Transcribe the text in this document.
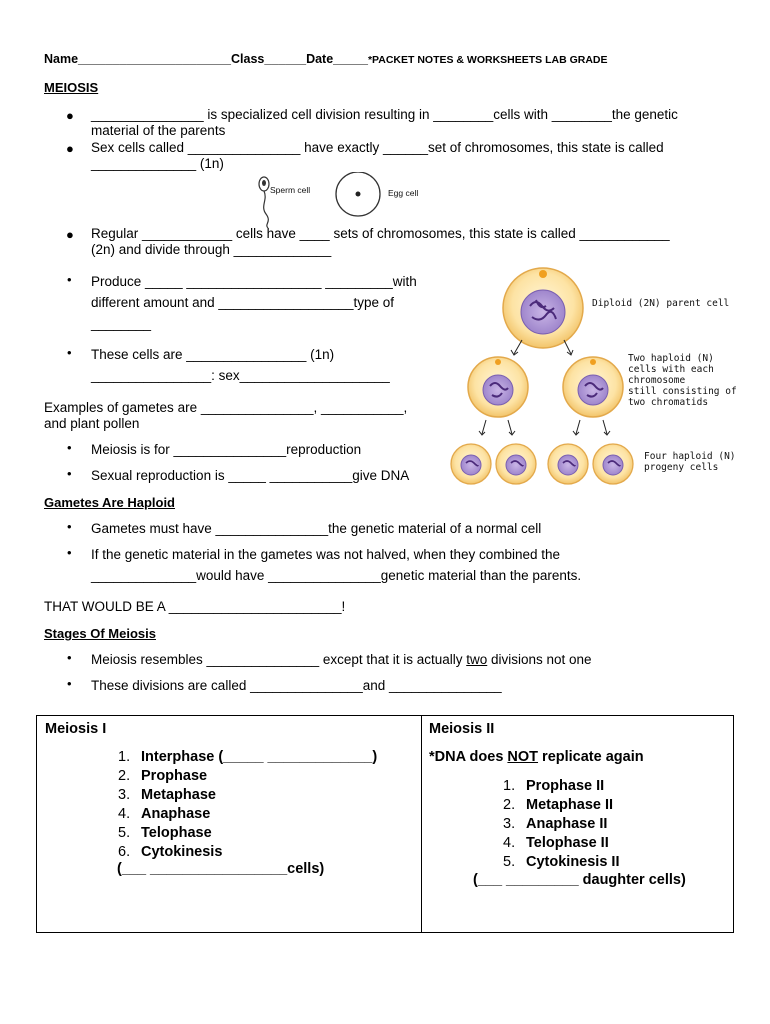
Name______________________Class______Date_____*PACKET NOTES & WORKSHEETS LAB GRADE
MEIOSIS
● _______________ is specialized cell division resulting in ________cells with ________the genetic
material of the parents
● Sex cells called _______________ have exactly ______set of chromosomes, this state is called
______________ (1n)
Sperm cell	Egg cell
● Regular ____________ cells have ____ sets of chromosomes, this state is called ____________
(2n) and divide through _____________
• Produce _____ __________________ _________with
different amount and __________________type of
________
• These cells are ________________ (1n)
________________: sex____________________
Examples of gametes are _______________, ___________,
and plant pollen
• Meiosis is for _______________reproduction
• Sexual reproduction is _____ ___________give DNA
Diploid (2N) parent cell
Two haploid (N)
cells with each
chromosome
still consisting of
two chromatids
Four haploid (N)
progeny cells
Gametes Are Haploid
• Gametes must have _______________the genetic material of a normal cell
• If the genetic material in the gametes was not halved, when they combined the
______________would have _______________genetic material than the parents.
THAT WOULD BE A _______________________!
Stages Of Meiosis
• Meiosis resembles _______________ except that it is actually two divisions not one
• These divisions are called _______________and _______________
Meiosis I
1. Interphase (_____ _____________)
2. Prophase
3. Metaphase
4. Anaphase
5. Telophase
6. Cytokinesis
(___ _________________cells)
Meiosis II
*DNA does NOT replicate again
1. Prophase II
2. Metaphase II
3. Anaphase II
4. Telophase II
5. Cytokinesis II
(___ _________ daughter cells)
